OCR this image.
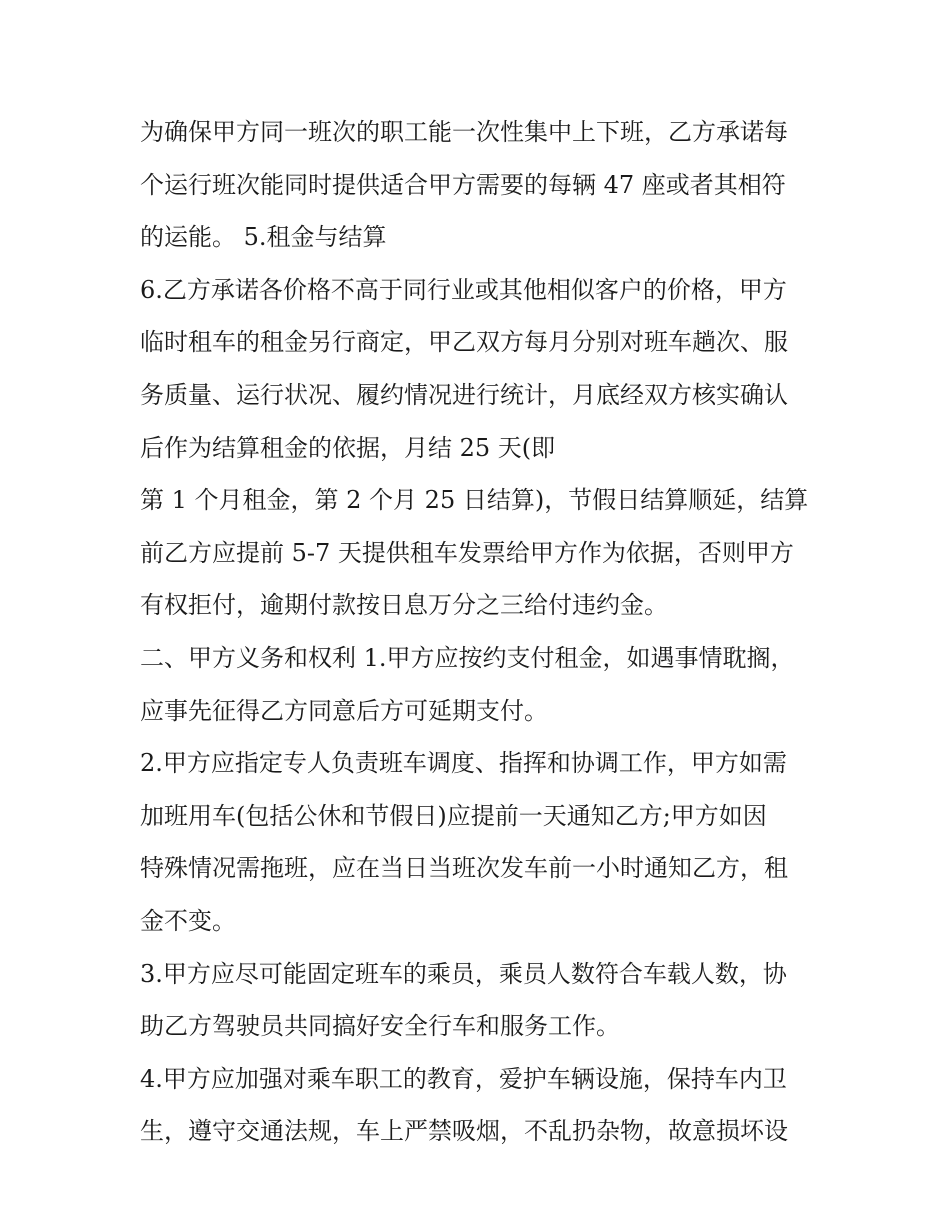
为确保甲方同一班次的职工能一次性集中上下班，乙方承诺每
个运行班次能同时提供适合甲方需要的每辆 47 座或者其相符
的运能。 5.租金与结算
6.乙方承诺各价格不高于同行业或其他相似客户的价格，甲方
临时租车的租金另行商定，甲乙双方每月分别对班车趟次、服
务质量、运行状况、履约情况进行统计，月底经双方核实确认
后作为结算租金的依据，月结 25 天(即
第 1 个月租金，第 2 个月 25 日结算)，节假日结算顺延，结算
前乙方应提前 5-7 天提供租车发票给甲方作为依据，否则甲方
有权拒付，逾期付款按日息万分之三给付违约金。
二、甲方义务和权利 1.甲方应按约支付租金，如遇事情耽搁，
应事先征得乙方同意后方可延期支付。
2.甲方应指定专人负责班车调度、指挥和协调工作，甲方如需
加班用车(包括公休和节假日)应提前一天通知乙方;甲方如因
特殊情况需拖班，应在当日当班次发车前一小时通知乙方，租
金不变。
3.甲方应尽可能固定班车的乘员，乘员人数符合车载人数，协
助乙方驾驶员共同搞好安全行车和服务工作。
4.甲方应加强对乘车职工的教育，爱护车辆设施，保持车内卫
生，遵守交通法规，车上严禁吸烟，不乱扔杂物，故意损坏设
